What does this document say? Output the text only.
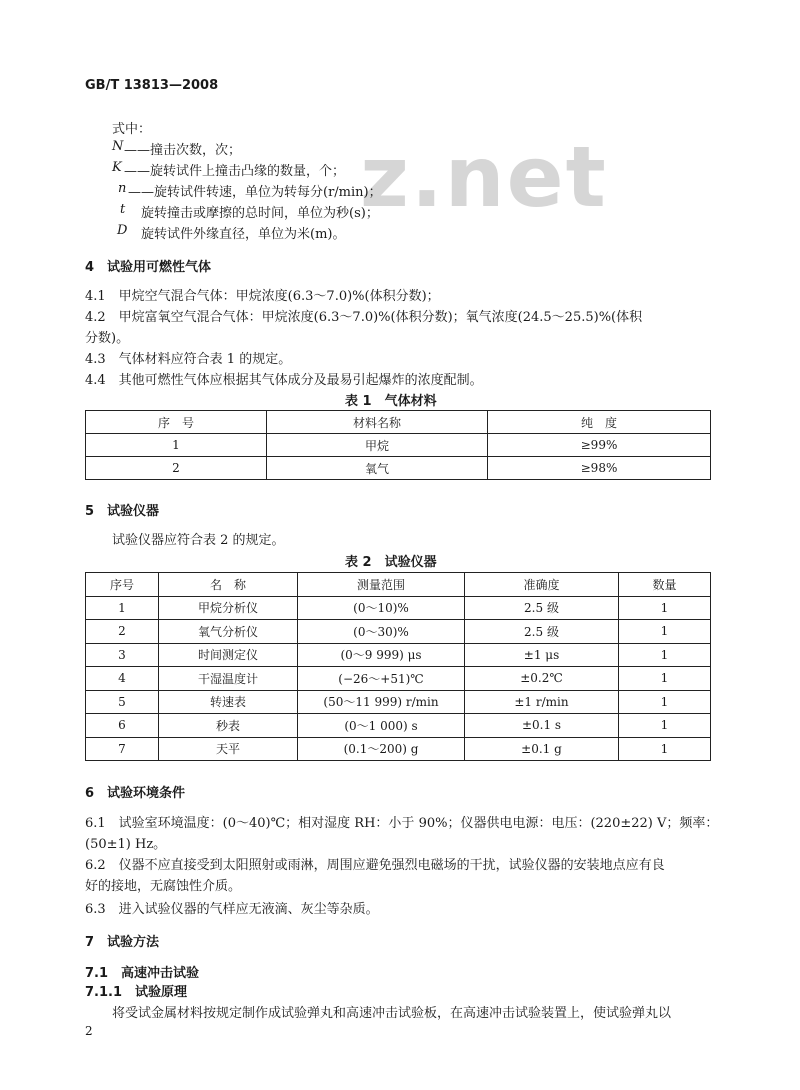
z.net
GB/T 13813—2008
式中：
N ——撞击次数，次；
K ——旋转试件上撞击凸缘的数量，个；
n ——旋转试件转速，单位为转每分(r/min)；
t 旋转撞击或摩擦的总时间，单位为秒(s)；
D 旋转试件外缘直径，单位为米(m)。
4　试验用可燃性气体
4.1　甲烷空气混合气体：甲烷浓度(6.3～7.0)%(体积分数)；
4.2　甲烷富氧空气混合气体：甲烷浓度(6.3～7.0)%(体积分数)；氧气浓度(24.5～25.5)%(体积
分数)。
4.3　气体材料应符合表 1 的规定。
4.4　其他可燃性气体应根据其气体成分及最易引起爆炸的浓度配制。
表 1　气体材料
序　号	材料名称	纯　度
1	甲烷	≥99%
2	氧气	≥98%
5　试验仪器
试验仪器应符合表 2 的规定。
表 2　试验仪器
序号	名　称	测量范围	准确度	数量
1	甲烷分析仪	(0～10)%	2.5 级	1
2	氧气分析仪	(0～30)%	2.5 级	1
3	时间测定仪	(0～9 999) μs	±1 μs	1
4	干湿温度计	(−26～+51)℃	±0.2℃	1
5	转速表	(50～11 999) r/min	±1 r/min	1
6	秒表	(0～1 000) s	±0.1 s	1
7	天平	(0.1～200) g	±0.1 g	1
6　试验环境条件
6.1　试验室环境温度：(0～40)℃；相对湿度 RH：小于 90%；仪器供电电源：电压：(220±22) V；频率：
(50±1) Hz。
6.2　仪器不应直接受到太阳照射或雨淋，周围应避免强烈电磁场的干扰，试验仪器的安装地点应有良
好的接地，无腐蚀性介质。
6.3　进入试验仪器的气样应无液滴、灰尘等杂质。
7　试验方法
7.1　高速冲击试验
7.1.1　试验原理
将受试金属材料按规定制作成试验弹丸和高速冲击试验板，在高速冲击试验装置上，使试验弹丸以
2
